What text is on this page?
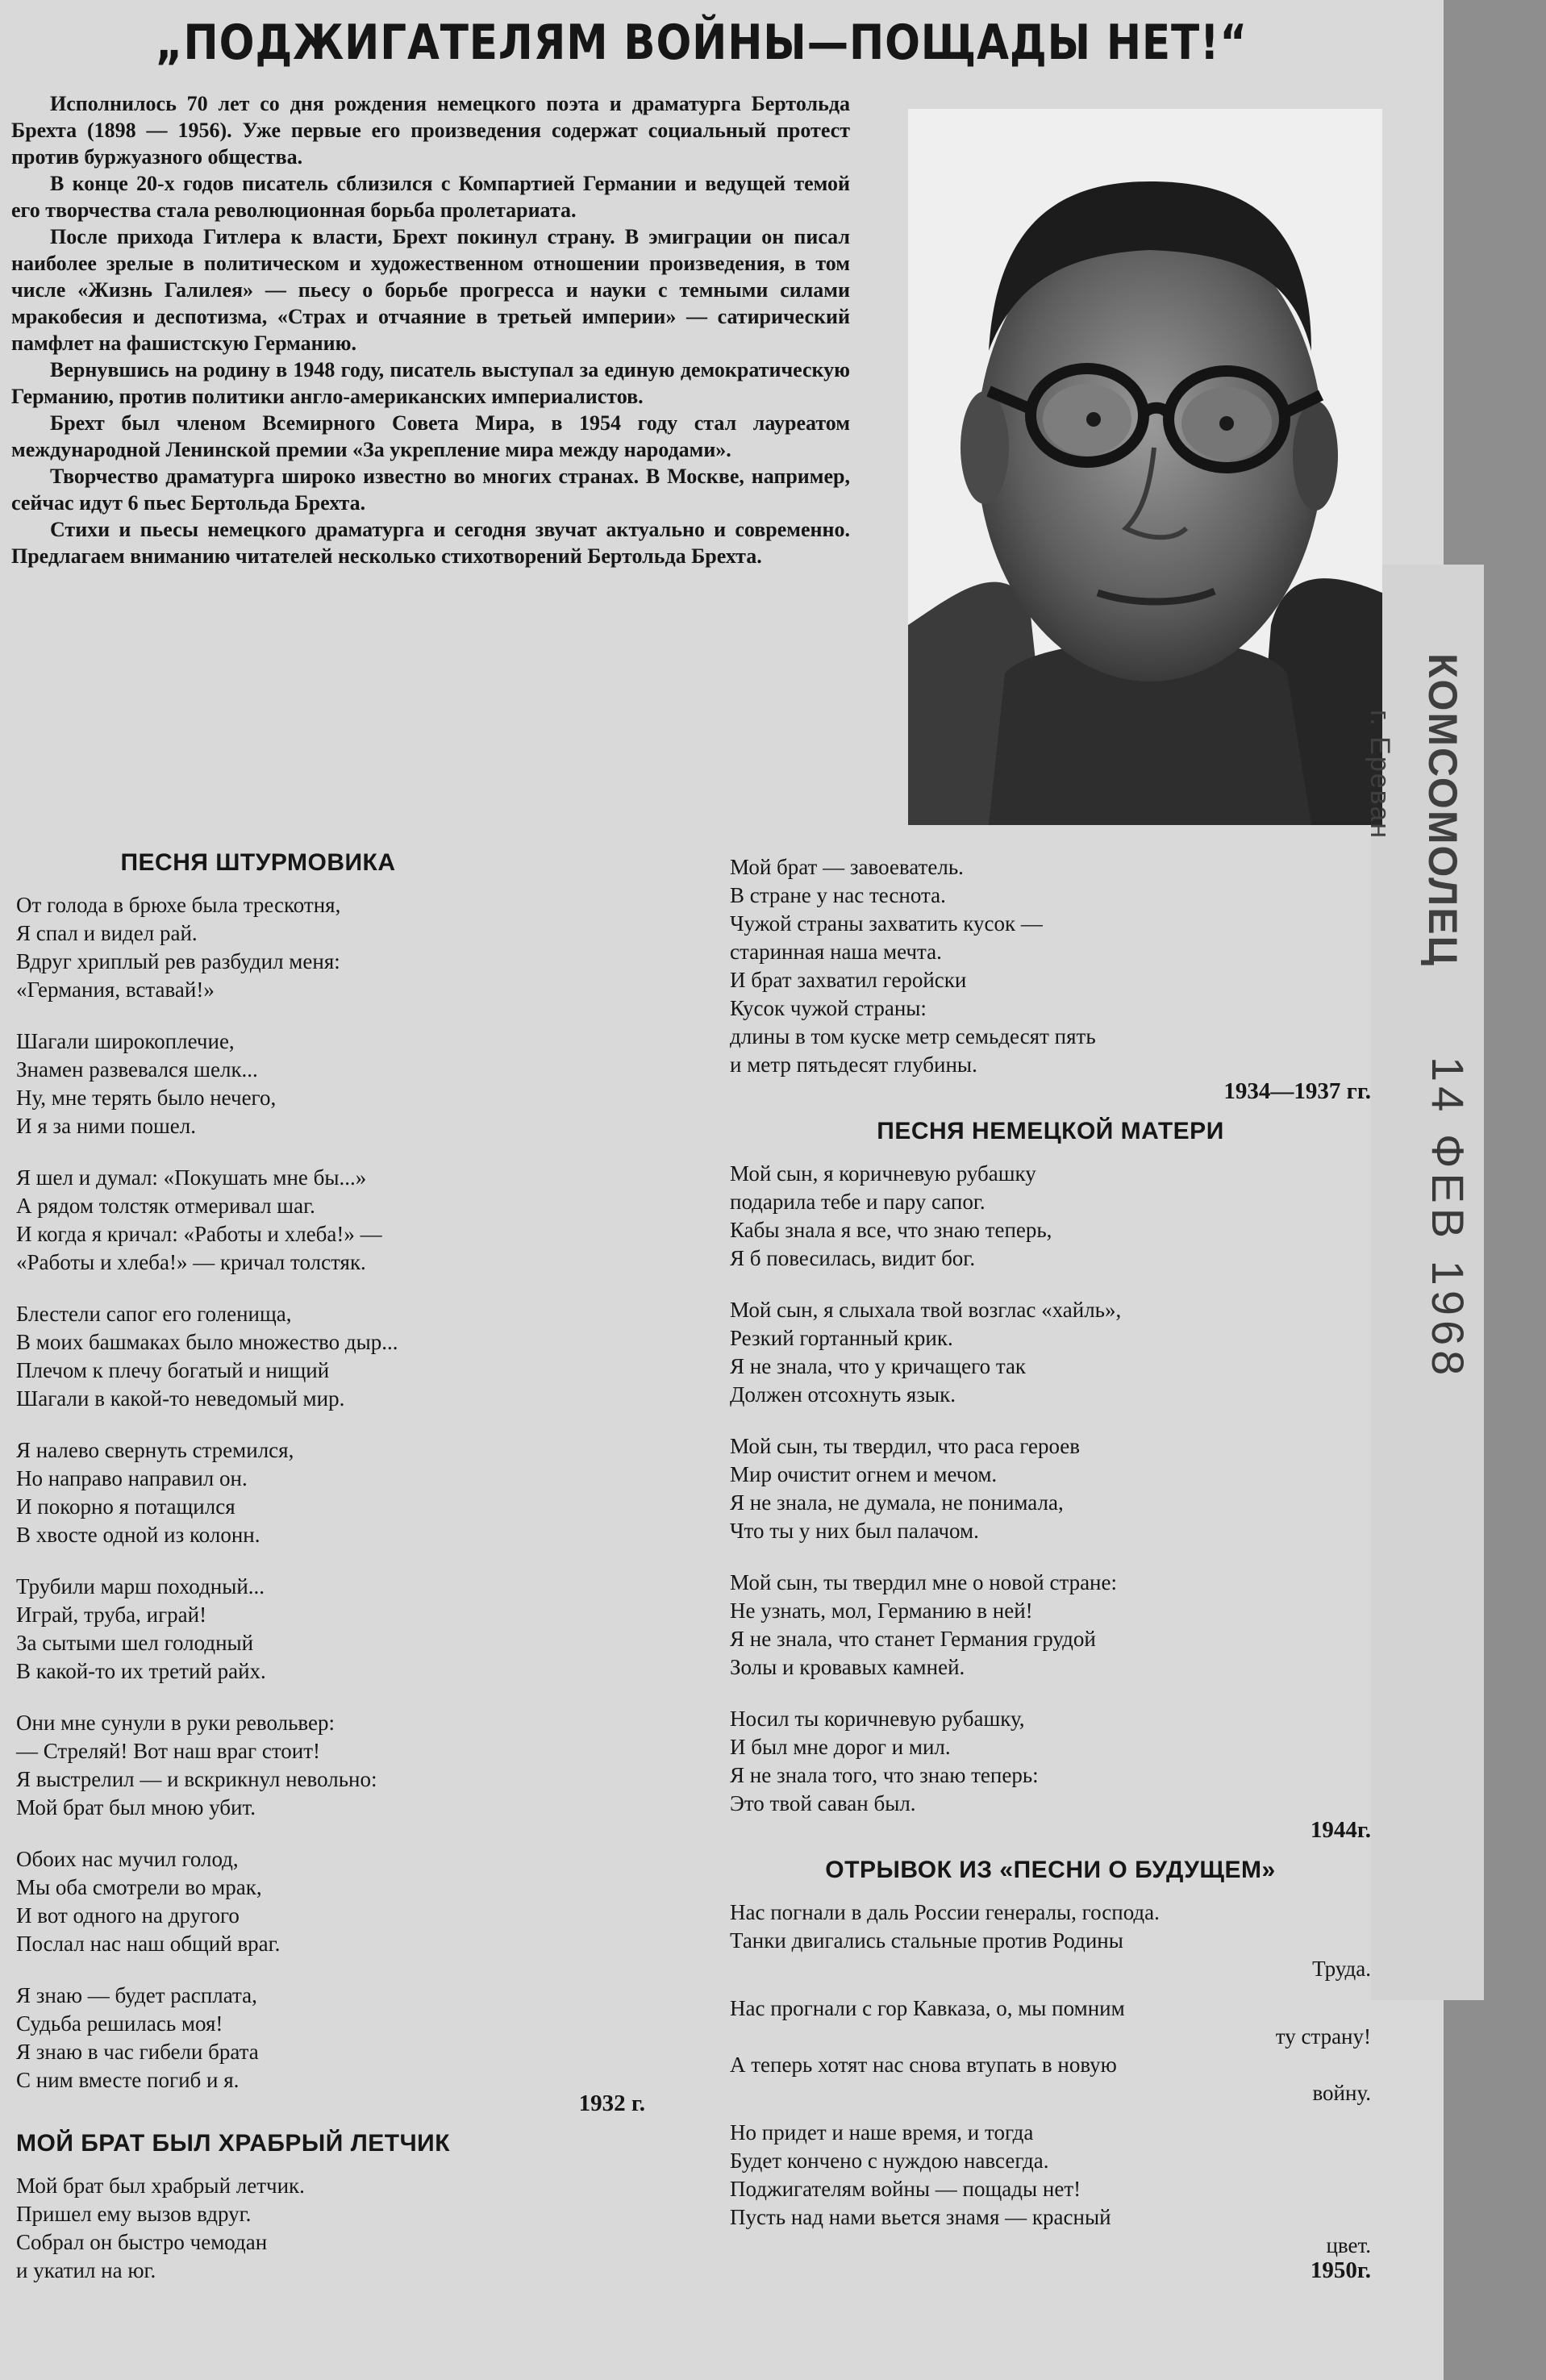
„ПОДЖИГАТЕЛЯМ ВОЙНЫ—ПОЩАДЫ НЕТ!“

Исполнилось 70 лет со дня рождения немецкого поэта и драматурга Бертольда Брехта (1898 — 1956). Уже первые его произведения содержат социальный протест против буржуазного общества.

В конце 20-х годов писатель сблизился с Компартией Германии и ведущей темой его творчества стала революционная борьба пролетариата.

После прихода Гитлера к власти, Брехт покинул страну. В эмиграции он писал наиболее зрелые в политическом и художественном отношении произведения, в том числе «Жизнь Галилея» — пьесу о борьбе прогресса и науки с темными силами мракобесия и деспотизма, «Страх и отчаяние в третьей империи» — сатирический памфлет на фашистскую Германию.

Вернувшись на родину в 1948 году, писатель выступал за единую демократическую Германию, против политики англо-американских империалистов.

Брехт был членом Всемирного Совета Мира, в 1954 году стал лауреатом международной Ленинской премии «За укрепление мира между народами».

Творчество драматурга широко известно во многих странах. В Москве, например, сейчас идут 6 пьес Бертольда Брехта.

Стихи и пьесы немецкого драматурга и сегодня звучат актуально и современно. Предлагаем вниманию читателей несколько стихотворений Бертольда Брехта.

ПЕСНЯ ШТУРМОВИКА
От голода в брюхе была трескотня,
Я спал и видел рай.
Вдруг хриплый рев разбудил меня:
«Германия, вставай!»
Шагали широкоплечие,
Знамен развевался шелк...
Ну, мне терять было нечего,
И я за ними пошел.
Я шел и думал: «Покушать мне бы...»
А рядом толстяк отмеривал шаг.
И когда я кричал: «Работы и хлеба!» —
«Работы и хлеба!» — кричал толстяк.
Блестели сапог его голенища,
В моих башмаках было множество дыр...
Плечом к плечу богатый и нищий
Шагали в какой-то неведомый мир.
Я налево свернуть стремился,
Но направо направил он.
И покорно я потащился
В хвосте одной из колонн.
Трубили марш походный...
Играй, труба, играй!
За сытыми шел голодный
В какой-то их третий райх.
Они мне сунули в руки револьвер:
— Стреляй! Вот наш враг стоит!
Я выстрелил — и вскрикнул невольно:
Мой брат был мною убит.
Обоих нас мучил голод,
Мы оба смотрели во мрак,
И вот одного на другого
Послал нас наш общий враг.
Я знаю — будет расплата,
Судьба решилась моя!
Я знаю в час гибели брата
С ним вместе погиб и я.
1932 г.
МОЙ БРАТ БЫЛ ХРАБРЫЙ ЛЕТЧИК
Мой брат был храбрый летчик.
Пришел ему вызов вдруг.
Собрал он быстро чемодан
и укатил на юг.
Мой брат — завоеватель.
В стране у нас теснота.
Чужой страны захватить кусок —
старинная наша мечта.
И брат захватил геройски
Кусок чужой страны:
длины в том куске метр семьдесят пять
и метр пятьдесят глубины.
1934—1937 гг.
ПЕСНЯ НЕМЕЦКОЙ МАТЕРИ
Мой сын, я коричневую рубашку
подарила тебе и пару сапог.
Кабы знала я все, что знаю теперь,
Я б повесилась, видит бог.
Мой сын, я слыхала твой возглас «хайль»,
Резкий гортанный крик.
Я не знала, что у кричащего так
Должен отсохнуть язык.
Мой сын, ты твердил, что раса героев
Мир очистит огнем и мечом.
Я не знала, не думала, не понимала,
Что ты у них был палачом.
Мой сын, ты твердил мне о новой стране:
Не узнать, мол, Германию в ней!
Я не знала, что станет Германия грудой
Золы и кровавых камней.
Носил ты коричневую рубашку,
И был мне дорог и мил.
Я не знала того, что знаю теперь:
Это твой саван был.
1944г.
ОТРЫВОК ИЗ «ПЕСНИ О БУДУЩЕМ»
Нас погнали в даль России генералы, господа.
Танки двигались стальные против Родины
Труда.
Нас прогнали с гор Кавказа, о, мы помним
ту страну!
А теперь хотят нас снова втупать в новую
войну.
Но придет и наше время, и тогда
Будет кончено с нуждою навсегда.
Поджигателям войны — пощады нет!
Пусть над нами вьется знамя — красный
цвет.
1950г.
КОМСОМОЛЕЦ
г. Ереван
14 ФЕВ 1968
